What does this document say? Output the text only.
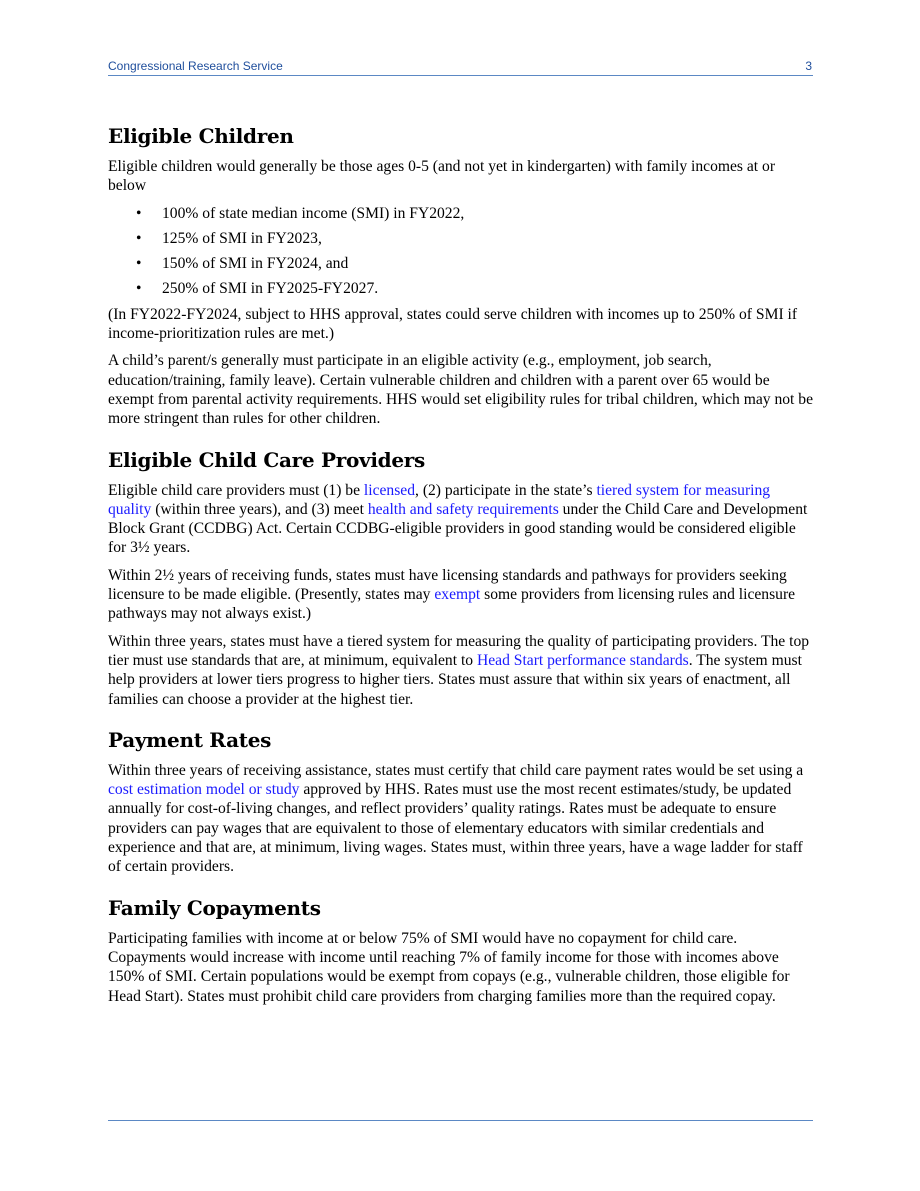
Congressional Research Service	3
Eligible Children

Eligible children would generally be those ages 0-5 (and not yet in kindergarten) with family incomes at or below

• 100% of state median income (SMI) in FY2022,
• 125% of SMI in FY2023,
• 150% of SMI in FY2024, and
• 250% of SMI in FY2025-FY2027.

(In FY2022-FY2024, subject to HHS approval, states could serve children with incomes up to 250% of SMI if income-prioritization rules are met.)

A child’s parent/s generally must participate in an eligible activity (e.g., employment, job search, education/training, family leave). Certain vulnerable children and children with a parent over 65 would be exempt from parental activity requirements. HHS would set eligibility rules for tribal children, which may not be more stringent than rules for other children.

Eligible Child Care Providers

Eligible child care providers must (1) be licensed, (2) participate in the state’s tiered system for measuring quality (within three years), and (3) meet health and safety requirements under the Child Care and Development Block Grant (CCDBG) Act. Certain CCDBG-eligible providers in good standing would be considered eligible for 3½ years.

Within 2½ years of receiving funds, states must have licensing standards and pathways for providers seeking licensure to be made eligible. (Presently, states may exempt some providers from licensing rules and licensure pathways may not always exist.)

Within three years, states must have a tiered system for measuring the quality of participating providers. The top tier must use standards that are, at minimum, equivalent to Head Start performance standards. The system must help providers at lower tiers progress to higher tiers. States must assure that within six years of enactment, all families can choose a provider at the highest tier.

Payment Rates

Within three years of receiving assistance, states must certify that child care payment rates would be set using a cost estimation model or study approved by HHS. Rates must use the most recent estimates/study, be updated annually for cost-of-living changes, and reflect providers’ quality ratings. Rates must be adequate to ensure providers can pay wages that are equivalent to those of elementary educators with similar credentials and experience and that are, at minimum, living wages. States must, within three years, have a wage ladder for staff of certain providers.

Family Copayments

Participating families with income at or below 75% of SMI would have no copayment for child care. Copayments would increase with income until reaching 7% of family income for those with incomes above 150% of SMI. Certain populations would be exempt from copays (e.g., vulnerable children, those eligible for Head Start). States must prohibit child care providers from charging families more than the required copay.
